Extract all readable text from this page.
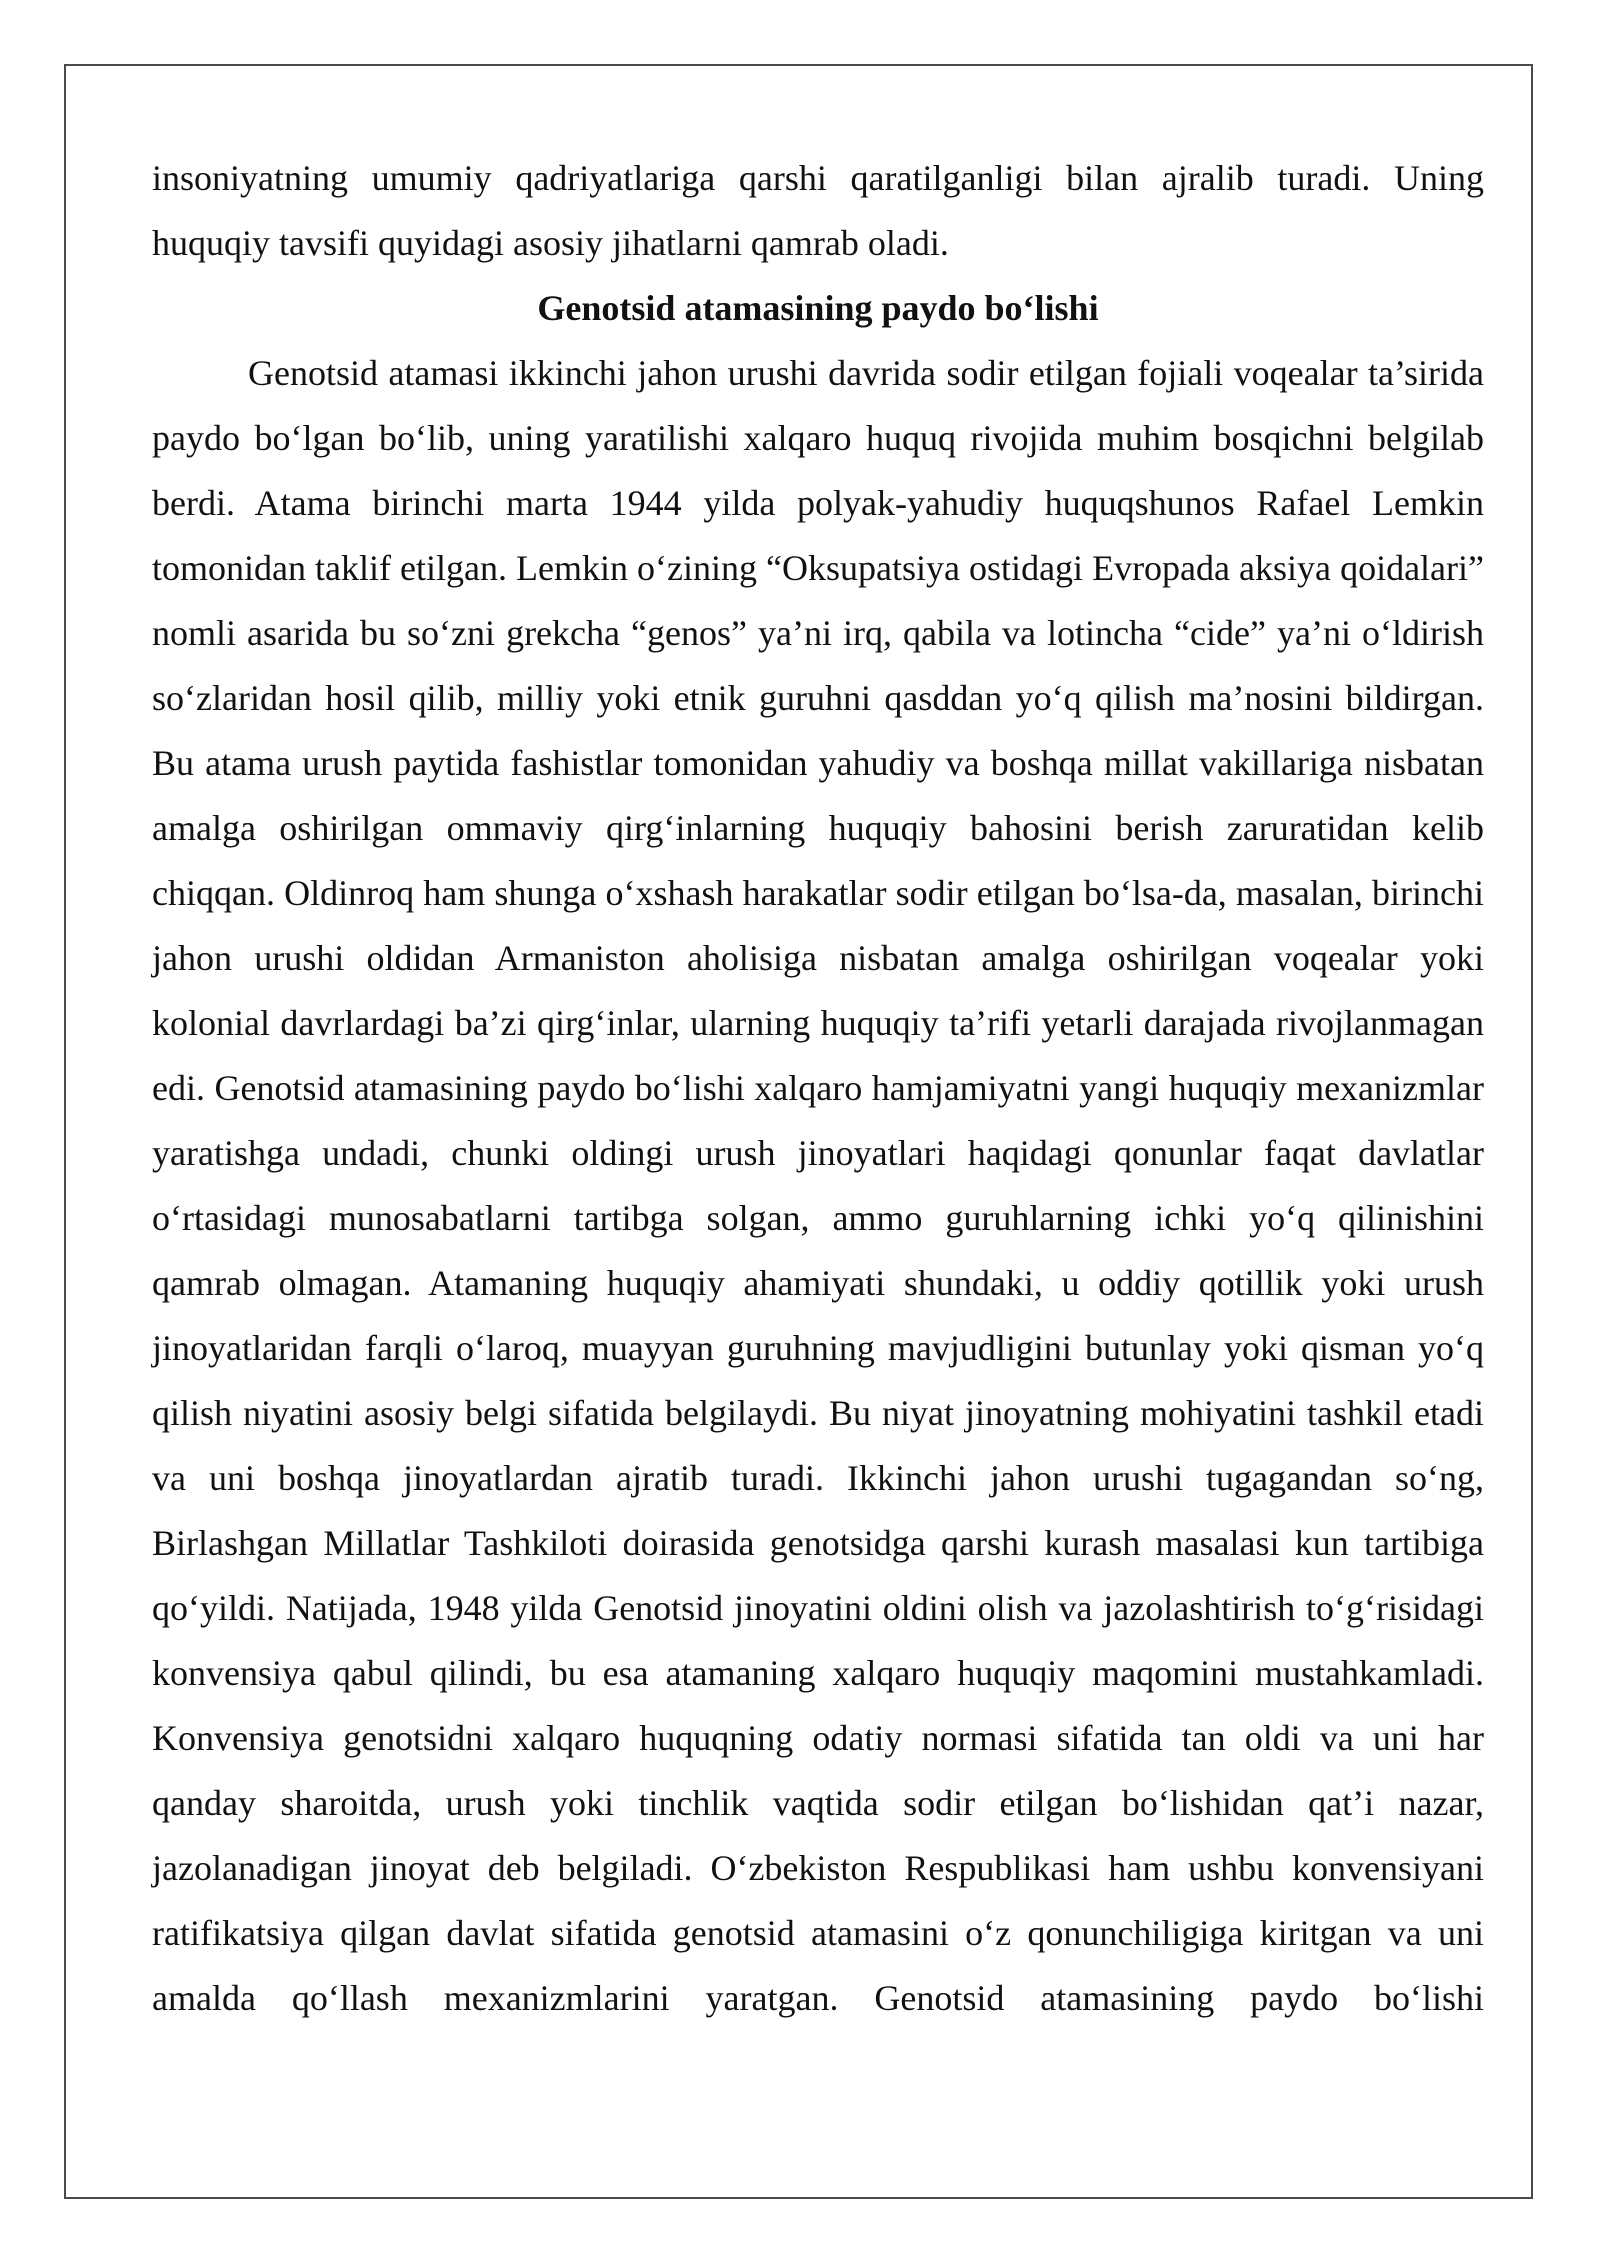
insoniyatning umumiy qadriyatlariga qarshi qaratilganligi bilan ajralib turadi. Uning huquqiy tavsifi quyidagi asosiy jihatlarni qamrab oladi.

Genotsid atamasining paydo bo‘lishi

Genotsid atamasi ikkinchi jahon urushi davrida sodir etilgan fojiali voqealar ta’sirida paydo bo‘lgan bo‘lib, uning yaratilishi xalqaro huquq rivojida muhim bosqichni belgilab berdi. Atama birinchi marta 1944 yilda polyak-yahudiy huquqshunos Rafael Lemkin tomonidan taklif etilgan. Lemkin o‘zining “Oksupatsiya ostidagi Evropada aksiya qoidalari” nomli asarida bu so‘zni grekcha “genos” ya’ni irq, qabila va lotincha “cide” ya’ni o‘ldirish so‘zlaridan hosil qilib, milliy yoki etnik guruhni qasddan yo‘q qilish ma’nosini bildirgan. Bu atama urush paytida fashistlar tomonidan yahudiy va boshqa millat vakillariga nisbatan amalga oshirilgan ommaviy qirg‘inlarning huquqiy bahosini berish zaruratidan kelib chiqqan. Oldinroq ham shunga o‘xshash harakatlar sodir etilgan bo‘lsa-da, masalan, birinchi jahon urushi oldidan Armaniston aholisiga nisbatan amalga oshirilgan voqealar yoki kolonial davrlardagi ba’zi qirg‘inlar, ularning huquqiy ta’rifi yetarli darajada rivojlanmagan edi. Genotsid atamasining paydo bo‘lishi xalqaro hamjamiyatni yangi huquqiy mexanizmlar yaratishga undadi, chunki oldingi urush jinoyatlari haqidagi qonunlar faqat davlatlar o‘rtasidagi munosabatlarni tartibga solgan, ammo guruhlarning ichki yo‘q qilinishini qamrab olmagan. Atamaning huquqiy ahamiyati shundaki, u oddiy qotillik yoki urush jinoyatlaridan farqli o‘laroq, muayyan guruhning mavjudligini butunlay yoki qisman yo‘q qilish niyatini asosiy belgi sifatida belgilaydi. Bu niyat jinoyatning mohiyatini tashkil etadi va uni boshqa jinoyatlardan ajratib turadi. Ikkinchi jahon urushi tugagandan so‘ng, Birlashgan Millatlar Tashkiloti doirasida genotsidga qarshi kurash masalasi kun tartibiga qo‘yildi. Natijada, 1948 yilda Genotsid jinoyatini oldini olish va jazolashtirish to‘g‘risidagi konvensiya qabul qilindi, bu esa atamaning xalqaro huquqiy maqomini mustahkamladi. Konvensiya genotsidni xalqaro huquqning odatiy normasi sifatida tan oldi va uni har qanday sharoitda, urush yoki tinchlik vaqtida sodir etilgan bo‘lishidan qat’i nazar, jazolanadigan jinoyat deb belgiladi. O‘zbekiston Respublikasi ham ushbu konvensiyani ratifikatsiya qilgan davlat sifatida genotsid atamasini o‘z qonunchiligiga kiritgan va uni amalda qo‘llash mexanizmlarini yaratgan. Genotsid atamasining paydo bo‘lishi
